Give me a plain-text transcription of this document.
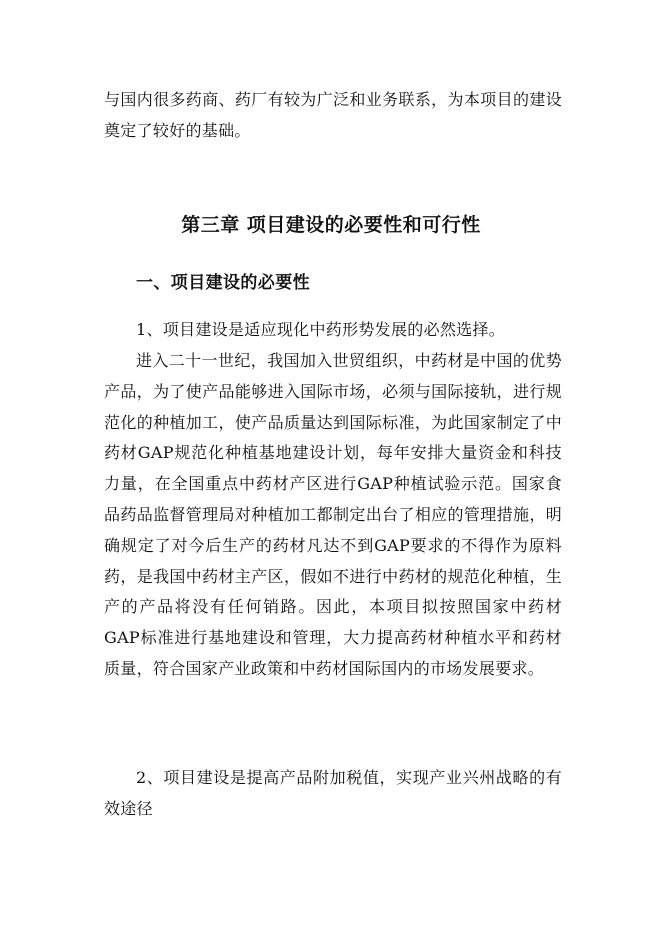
与国内很多药商、药厂有较为广泛和业务联系，为本项目的建设奠定了较好的基础。

第三章 项目建设的必要性和可行性
一、项目建设的必要性

1、项目建设是适应现化中药形势发展的必然选择。

进入二十一世纪，我国加入世贸组织，中药材是中国的优势产品，为了使产品能够进入国际市场，必须与国际接轨，进行规范化的种植加工，使产品质量达到国际标准，为此国家制定了中药材GAP规范化种植基地建设计划，每年安排大量资金和科技力量，在全国重点中药材产区进行GAP种植试验示范。国家食品药品监督管理局对种植加工都制定出台了相应的管理措施，明确规定了对今后生产的药材凡达不到GAP要求的不得作为原料药，是我国中药材主产区，假如不进行中药材的规范化种植，生产的产品将没有任何销路。因此，本项目拟按照国家中药材GAP标准进行基地建设和管理，大力提高药材种植水平和药材质量，符合国家产业政策和中药材国际国内的市场发展要求。

2、项目建设是提高产品附加税值，实现产业兴州战略的有效途径
